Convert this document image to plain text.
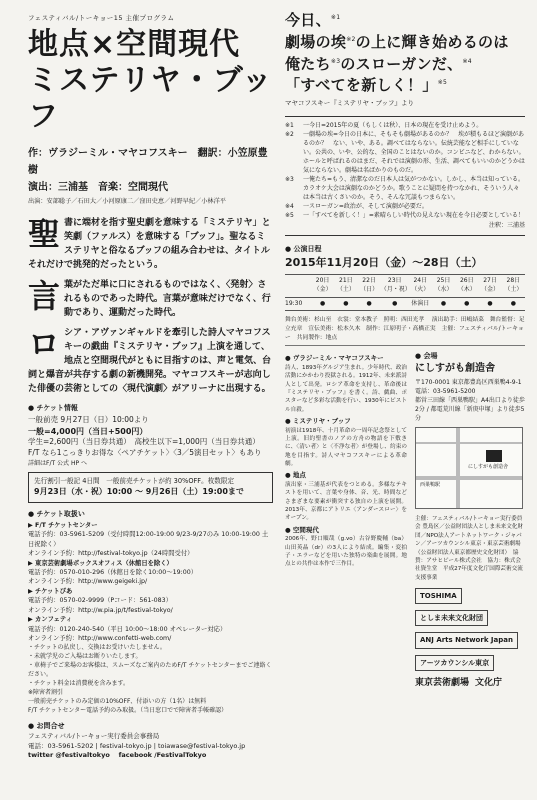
フェスティバル/トーキョー15 主催プログラム
地点×空間現代
ミステリヤ・ブッフ
作：ヴラジーミル・マヤコフスキー　翻訳：小笠原豊樹
演出：三浦基　音楽：空間現代
出演：安部聡子／石田大／小河原康二／窪田史恵／河野早紀／小林洋平
聖 書に端材を指す聖史劇を意味する「ミステリヤ」と笑劇（ファルス）を意味する「ブッフ」。聖なるミステリヤと俗なるブッフの組み合わせは、タイトルそれだけで挑発的だったという。
言 葉がただ単に口にされるものではなく、〈発射〉されるものであった時代。言葉が意味だけでなく、行動であり、運動だった時代。
ロ シア・アヴァンギャルドを牽引した詩人マヤコフスキーの戯曲『ミステリヤ・ブッフ』上演を通して、地点と空間現代がともに目指すのは、声と電気、台詞と爆音が共存する劇の新機開発。マヤコフスキーが志向した俳優の芸術としての〈現代演劇〉がアリーナに出現する。
● チケット情報
一般前売 9月27日（日）10:00より
一般=4,000円（当日+500円）
学生=2,600円（当日券共通）　高校生以下=1,000円（当日券共通）
F/T なら1こっきりお得な〈ペアチケット〉〈3／5演目セット〉もあり
詳細はF/T 公式 HP へ
先行割引一般記 4日間　一般前売チケットが約 30%OFF。枚数限定
9月23日（水・祝）10:00 ～ 9月26日（土）19:00まで
● チケット取扱い
▶ F/T チケットセンター
電話予約：03-5961-5209（受付時間12:00-19:00 9/23-9/27のみ 10:00-19:00 土日祝除く）
オンライン予約：http://festival-tokyo.jp（24時間受付）
▶ 東京芸術劇場ボックスオフィス（休館日を除く）
電話予約：0570-010-296（休館日を除く10:00～19:00）
オンライン予約：http://www.geigeki.jp/
▶ チケットぴあ
電話予約：0570-02-9999（Pコード：561-083）
オンライン予約：http://w.pia.jp/t/festival-tokyo/
▶ カンフェティ
電話予約：0120-240-540（平日 10:00～18:00 オペレーター対応）
オンライン予約：http://www.confetti-web.com/
・チケットの払戻し、交換はお受けいたしません。
・未就学児のご入場はお断りいたします。
・車椅子でご来場のお客様は、スムーズなご案内のためF/T チケットセンターまでご連絡ください。
・チケット料金は消費税を含みます。
※障害者割引
一般前売チケットのみ定価の10%OFF、付添いの方（1名）は無料
F/T チケットセンター電話予約のみ取扱。（当日窓口でで障害者手帳確認）
● お問合せ
フェスティバル/トーキョー実行委員会事務局
電話：03-5961-5202 | festival-tokyo.jp | toiawase@festival-tokyo.jp
twitter @festivaltokyo　 facebook /FestivalTokyo
今日、$^{※1}$
劇場の埃$^{※2}$の上に輝き始めるのは
俺たち$^{※3}$のスローガンだ、$^{※4}$
「すべてを新しく！」$^{※5}$
マヤコフスキー『ミステリヤ・ブッフ』より
※1	一今日=2015年の夏（もしくは秋）、日本の現在を受け止めよう。
※2	一劇場の埃=今日の日本に、そもそも劇場があるのか？　埃が積もるほど演劇があるのか？　ない、いや、ある。調べてはならない。伝統芸能など相手にしていない。公共の、いや、公的な、全国のことはないのか。コンビニなど、わからない。ホールと呼ばれるのはまだ、それでは演劇の形、生活、調べてもいいのかどうかは気にならない。劇場は名ばかりのものだ。
※3	一俺たち=もう、清潔なのだ日本人は気がつかない。しかし、本当は知っている。カラオケ大会は演劇なのかどうか。歌うことに疑問を持つなかれ、そういう人々は本当は古くさいのか。そう、そんな冗談もつまらない。
※4	一スローガン=政治が、そして演劇が必要だ。
※5	一「すべてを新しく！」=素晴らしい時代の見えない現在を今日必要としている！
注釈：三浦基
● 公演日程
2015年11月20日（金）～28日（土）
	20日（金）	21日（土）	22日（日）	23日（月・祝）	24日（火）	25日（水）	26日（木）	27日（金）	28日（土）
19:30	●	●	●	●	休演日	●	●	●	●
舞台美術：杉山至　衣裳：堂本教子　照明：西田光孝 　演出助手：田嶋結菜　舞台監督：足立充章　宣伝美術：松本久木　制作：江原明子・高橋正実　主催：フェスティバル/トーキョー　共同製作：地点
● ヴラジーミル・マヤコフスキー
詩人、1893年グルジア生まれ。少年時代、政治活動にかかわり投獄される。1912年、未来派詩人として出発。ロシア革命を支持し、革命後は『ミステリヤ・ブッフ』を書く。詩、戯曲、ポスターなど多彩な活動を行い、1930年にピストル自殺。
● ミステリヤ・ブッフ
初演は1918年、十月革命の一周年記念祭として上演。旧約聖書のノアの方舟の物語を下敷きに、〈清い者〉と〈不浄な者〉が登場し、約束の地を目指す。詩人マヤコフスキーによる革命劇。
● 地点
演出家・三浦基が代表をつとめる。多様なテキストを用いて、言葉や身体、音、光、時間などさまざまな要素が衝突する独自の上演を展開。2013年、京都にアトリエ〈アンダースロー〉をオープン。
● 空間現代
2006年、野口順哉（g.vo）古谷野慶輔（ba）山田英晶（dr）の3人により結成。編集・変拍子・エラーなどを用いた独特の楽曲を展開。地点との共作は本作で三作目。
● 会場
にしすがも創造舎
〒170-0001 東京都豊島区西巣鴨4-9-1
電話：03-5961-5200
都営三田線「西巣鴨駅」A4出口より徒歩2分 / 都電荒川線「新庚申塚」より徒歩5分
西巣鴨駅
にしすがも創造舎
主催：フェスティバル/トーキョー実行委員会 豊島区／公益財団法人としま未来文化財団／NPO法人アートネットワーク・ジャパン／アーツカウンシル東京・東京芸術劇場（公益財団法人東京都歴史文化財団）　協賛：アサヒビール株式会社　協力：株式会社資生堂　平成27年度文化庁国際芸術交流支援事業
TOSHIMA
としま未来文化財団
ANJ Arts Network Japan
アーツカウンシル東京
東京芸術劇場 文化庁
